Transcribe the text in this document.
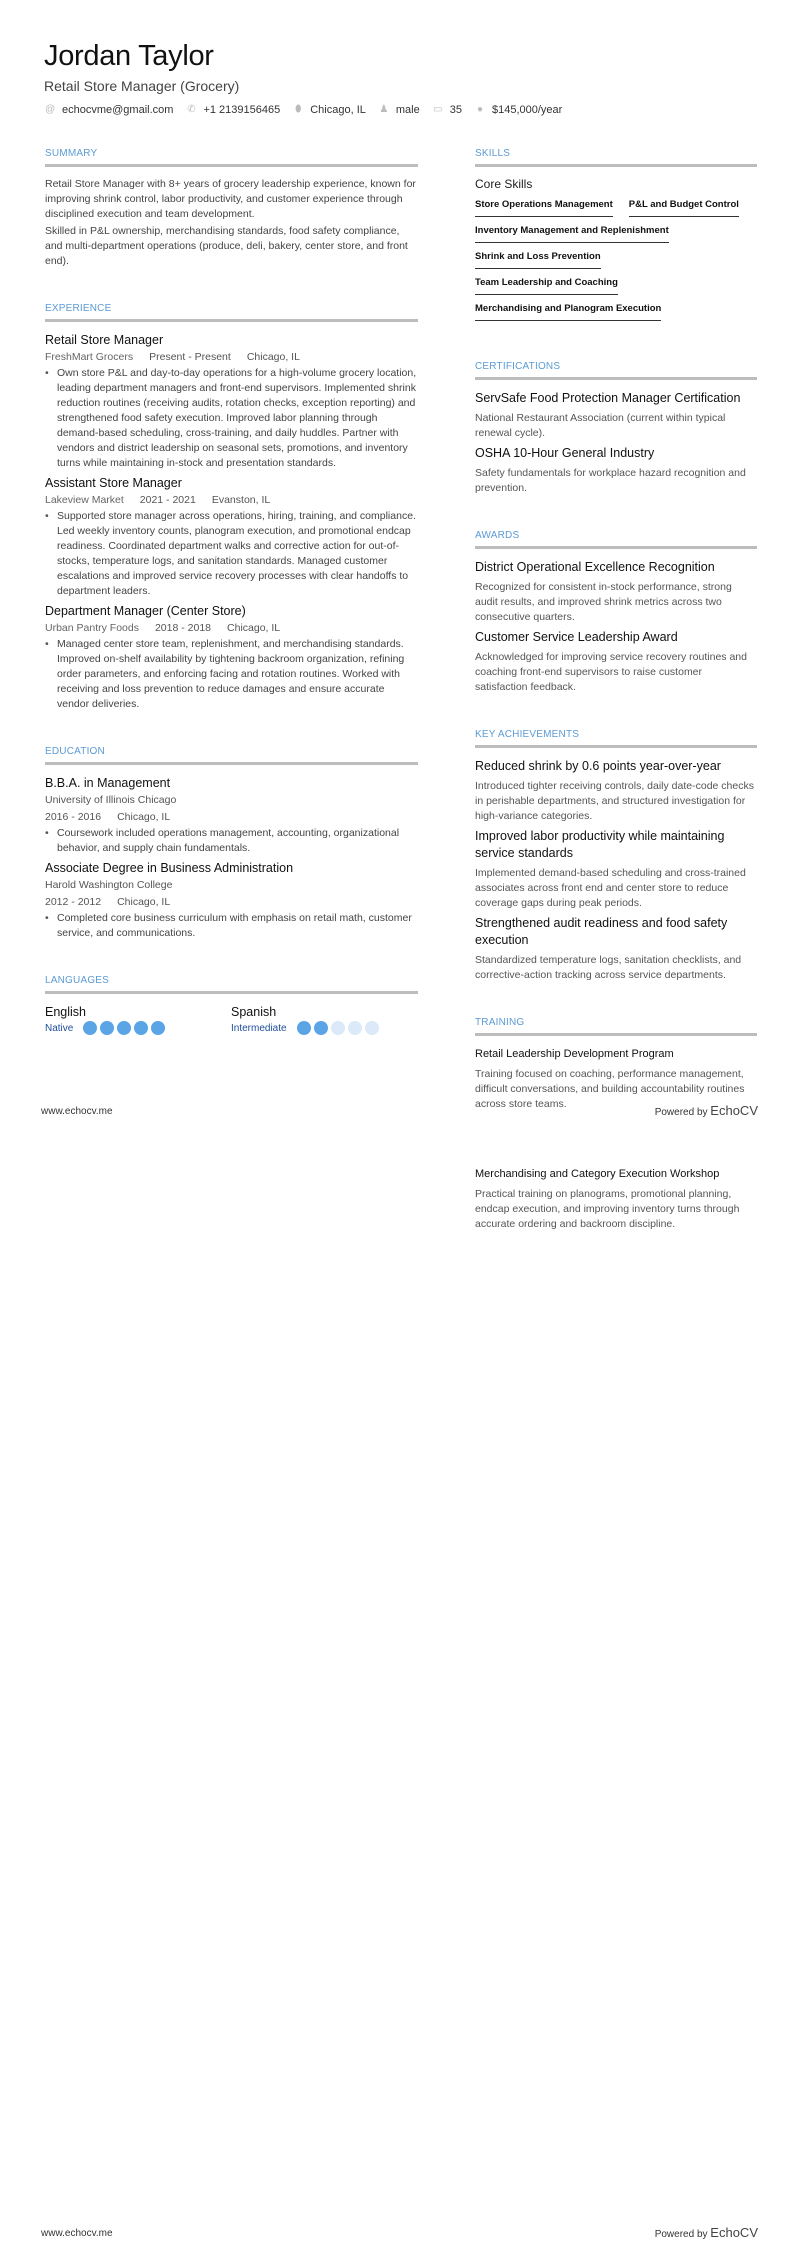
Jordan Taylor
Retail Store Manager (Grocery)
@ echocvme@gmail.com ✆ +1 2139156465 ⬮ Chicago, IL ♟ male ▭ 35 ● $145,000/year
SUMMARY

Retail Store Manager with 8+ years of grocery leadership experience, known for improving shrink control, labor productivity, and customer experience through disciplined execution and team development.

Skilled in P&L ownership, merchandising standards, food safety compliance, and multi-department operations (produce, deli, bakery, center store, and front end).

EXPERIENCE
Retail Store Manager
FreshMart Grocers Present - Present Chicago, IL
• Own store P&L and day-to-day operations for a high-volume grocery location, leading department managers and front-end supervisors. Implemented shrink reduction routines (receiving audits, rotation checks, exception reporting) and strengthened food safety execution. Improved labor planning through demand-based scheduling, cross-training, and daily huddles. Partner with vendors and district leadership on seasonal sets, promotions, and inventory turns while maintaining in-stock and presentation standards.
Assistant Store Manager
Lakeview Market 2021 - 2021 Evanston, IL
• Supported store manager across operations, hiring, training, and compliance. Led weekly inventory counts, planogram execution, and promotional endcap readiness. Coordinated department walks and corrective action for out-of-stocks, temperature logs, and sanitation standards. Managed customer escalations and improved service recovery processes with clear handoffs to department leaders.
Department Manager (Center Store)
Urban Pantry Foods 2018 - 2018 Chicago, IL
• Managed center store team, replenishment, and merchandising standards. Improved on-shelf availability by tightening backroom organization, refining order parameters, and enforcing facing and rotation routines. Worked with receiving and loss prevention to reduce damages and ensure accurate vendor deliveries.
EDUCATION
B.B.A. in Management
University of Illinois Chicago
2016 - 2016 Chicago, IL
• Coursework included operations management, accounting, organizational behavior, and supply chain fundamentals.
Associate Degree in Business Administration
Harold Washington College
2012 - 2012 Chicago, IL
• Completed core business curriculum with emphasis on retail math, customer service, and communications.
LANGUAGES
English
Native
Spanish
Intermediate
SKILLS
Core Skills
Store Operations Management P&L and Budget Control
Inventory Management and Replenishment
Shrink and Loss Prevention
Team Leadership and Coaching
Merchandising and Planogram Execution
CERTIFICATIONS
ServSafe Food Protection Manager Certification
National Restaurant Association (current within typical renewal cycle).
OSHA 10-Hour General Industry
Safety fundamentals for workplace hazard recognition and prevention.
AWARDS
District Operational Excellence Recognition
Recognized for consistent in-stock performance, strong audit results, and improved shrink metrics across two consecutive quarters.
Customer Service Leadership Award
Acknowledged for improving service recovery routines and coaching front-end supervisors to raise customer satisfaction feedback.
KEY ACHIEVEMENTS
Reduced shrink by 0.6 points year-over-year
Introduced tighter receiving controls, daily date-code checks in perishable departments, and structured investigation for high-variance categories.
Improved labor productivity while maintaining service standards
Implemented demand-based scheduling and cross-trained associates across front end and center store to reduce coverage gaps during peak periods.
Strengthened audit readiness and food safety execution
Standardized temperature logs, sanitation checklists, and corrective-action tracking across service departments.
TRAINING
Retail Leadership Development Program
Training focused on coaching, performance management, difficult conversations, and building accountability routines across store teams.
Merchandising and Category Execution Workshop
Practical training on planograms, promotional planning, endcap execution, and improving inventory turns through accurate ordering and backroom discipline.
www.echocv.me	Powered by EchoCV
www.echocv.me	Powered by EchoCV
